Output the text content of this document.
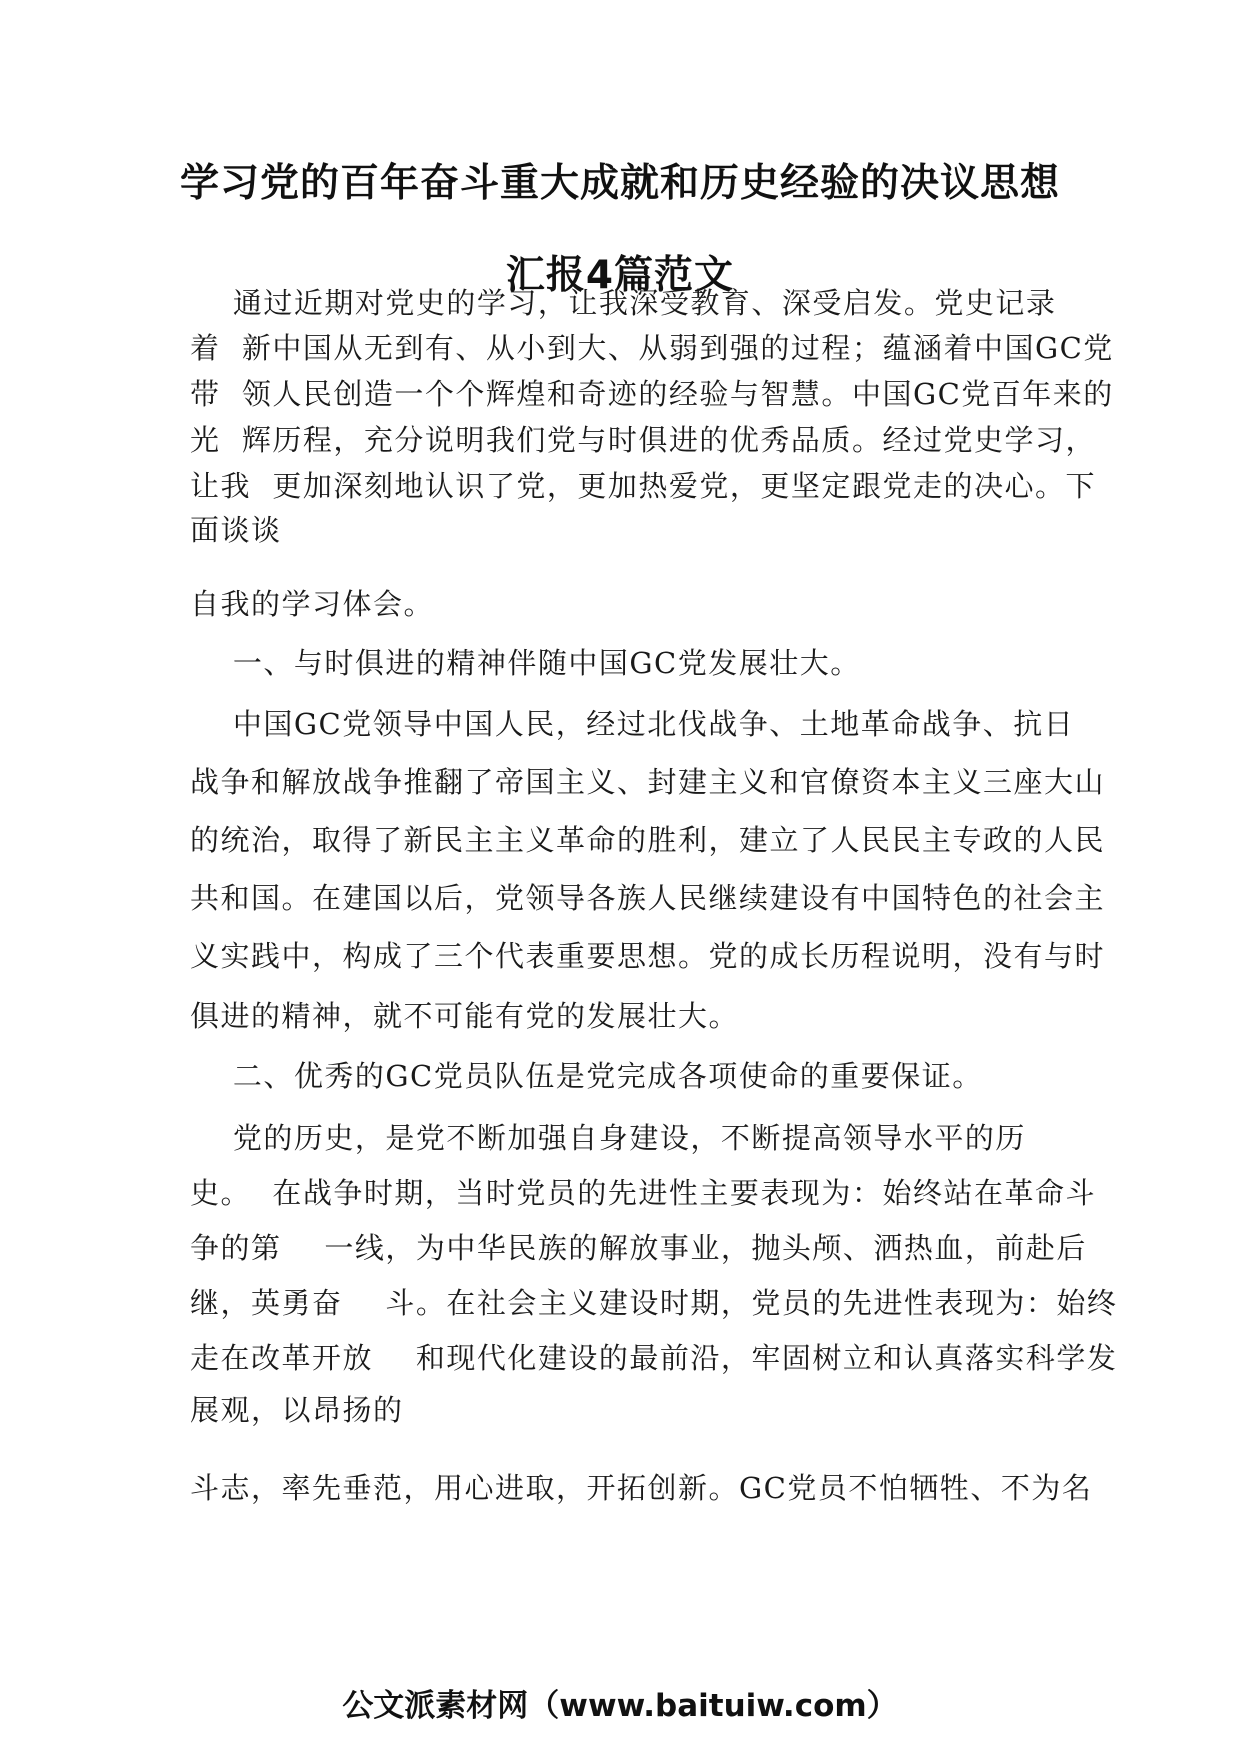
学习党的百年奋斗重大成就和历史经验的决议思想
汇报4篇范文
通过近期对党史的学习，让我深受教育、深受启发。党史记录
着  新中国从无到有、从小到大、从弱到强的过程；蕴涵着中国GC党
带  领人民创造一个个辉煌和奇迹的经验与智慧。中国GC党百年来的
光  辉历程，充分说明我们党与时俱进的优秀品质。经过党史学习，
让我  更加深刻地认识了党，更加热爱党，更坚定跟党走的决心。下
面谈谈
自我的学习体会。
一、与时俱进的精神伴随中国GC党发展壮大。
中国GC党领导中国人民，经过北伐战争、土地革命战争、抗日
战争和解放战争推翻了帝国主义、封建主义和官僚资本主义三座大山
的统治，取得了新民主主义革命的胜利，建立了人民民主专政的人民
共和国。在建国以后，党领导各族人民继续建设有中国特色的社会主
义实践中，构成了三个代表重要思想。党的成长历程说明，没有与时
俱进的精神，就不可能有党的发展壮大。
二、优秀的GC党员队伍是党完成各项使命的重要保证。
党的历史，是党不断加强自身建设，不断提高领导水平的历
史。  在战争时期，当时党员的先进性主要表现为：始终站在革命斗
争的第    一线，为中华民族的解放事业，抛头颅、洒热血，前赴后
继，英勇奋    斗。在社会主义建设时期，党员的先进性表现为：始终
走在改革开放    和现代化建设的最前沿，牢固树立和认真落实科学发
展观，以昂扬的
斗志，率先垂范，用心进取，开拓创新。GC党员不怕牺牲、不为名
公文派素材网（www.baituiw.com）
